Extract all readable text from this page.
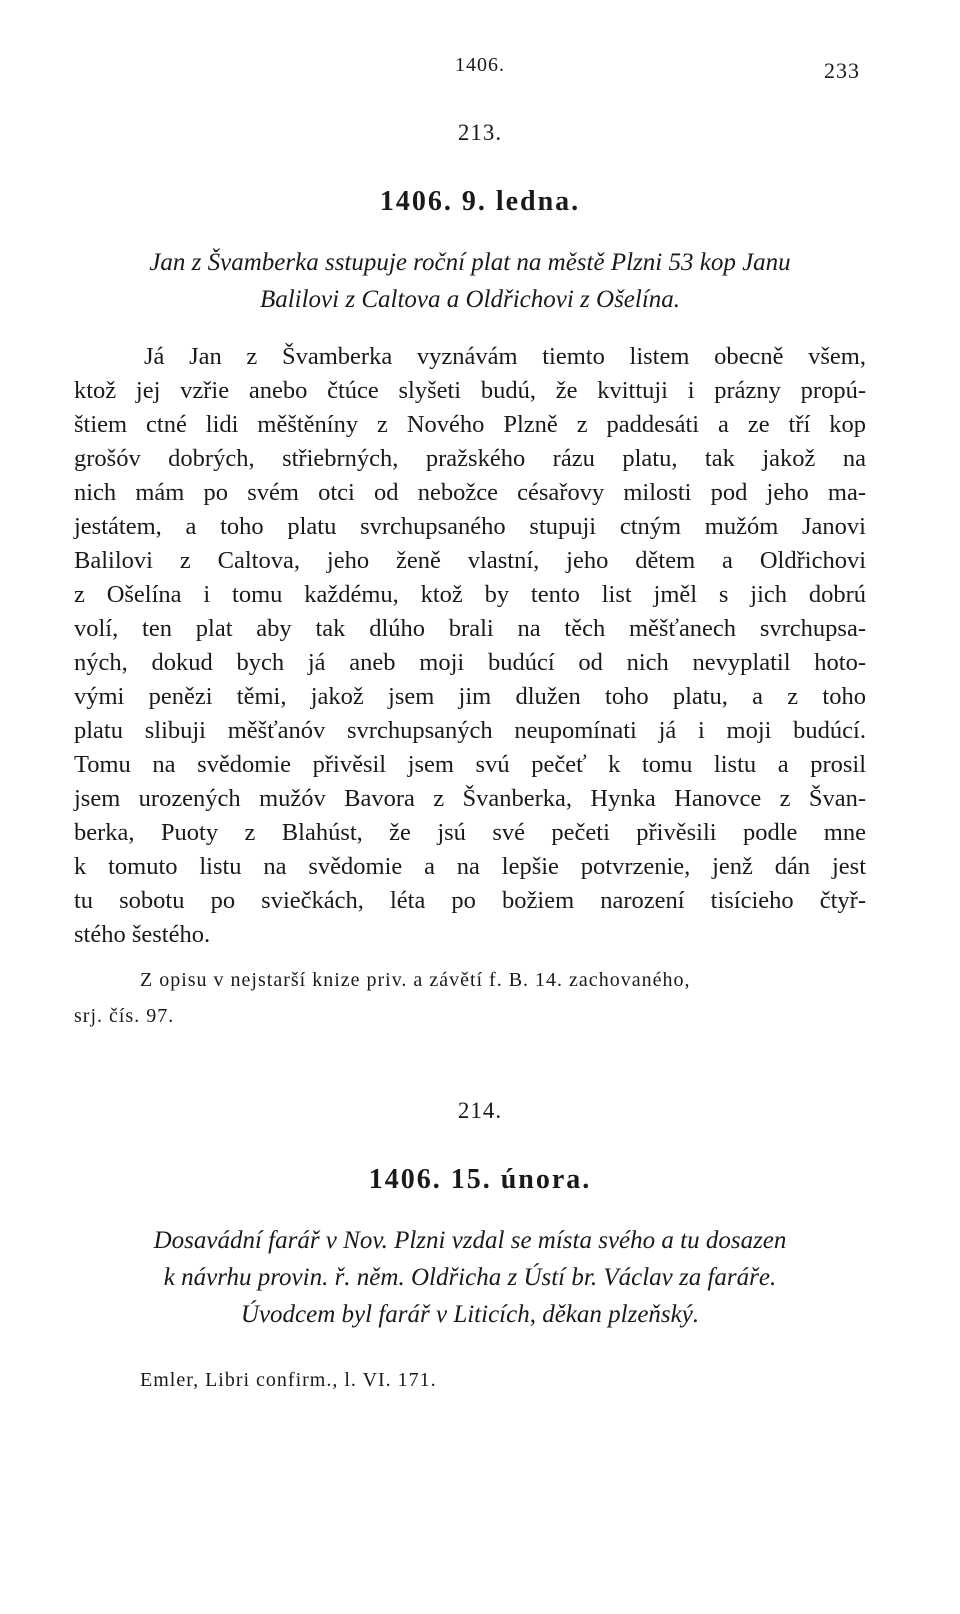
1406.	233
213.
1406. 9. ledna.
Jan z Švamberka sstupuje roční plat na městě Plzni 53 kop Janu
Balilovi z Caltova a Oldřichovi z Ošelína.
Já Jan z Švamberka vyznávám tiemto listem obecně všem,
ktož jej vzřie anebo čtúce slyšeti budú, že kvittuji i prázny propú-
štiem ctné lidi měštěníny z Nového Plzně z paddesáti a ze tří kop
grošóv dobrých, střiebrných, pražského rázu platu, tak jakož na
nich mám po svém otci od nebožce césařovy milosti pod jeho ma-
jestátem, a toho platu svrchupsaného stupuji ctným mužóm Janovi
Balilovi z Caltova, jeho ženě vlastní, jeho dětem a Oldřichovi
z Ošelína i tomu každému, ktož by tento list jměl s jich dobrú
volí, ten plat aby tak dlúho brali na těch měšťanech svrchupsa-
ných, dokud bych já aneb moji budúcí od nich nevyplatil hoto-
vými penězi těmi, jakož jsem jim dlužen toho platu, a z toho
platu slibuji měšťanóv svrchupsaných neupomínati já i moji budúcí.
Tomu na svědomie přivěsil jsem svú pečeť k tomu listu a prosil
jsem urozených mužóv Bavora z Švanberka, Hynka Hanovce z Švan-
berka, Puoty z Blahúst, že jsú své pečeti přivěsili podle mne
k tomuto listu na svědomie a na lepšie potvrzenie, jenž dán jest
tu sobotu po sviečkách, léta po božiem narození tisícieho čtyř-
stého šestého.
Z opisu v nejstarší knize priv. a závětí f. B. 14. zachovaného,
srj. čís. 97.
214.
1406. 15. února.
Dosavádní farář v Nov. Plzni vzdal se místa svého a tu dosazen
k návrhu provin. ř. něm. Oldřicha z Ústí br. Václav za faráře.
Úvodcem byl farář v Liticích, děkan plzeňský.
Emler, Libri confirm., l. VI. 171.
